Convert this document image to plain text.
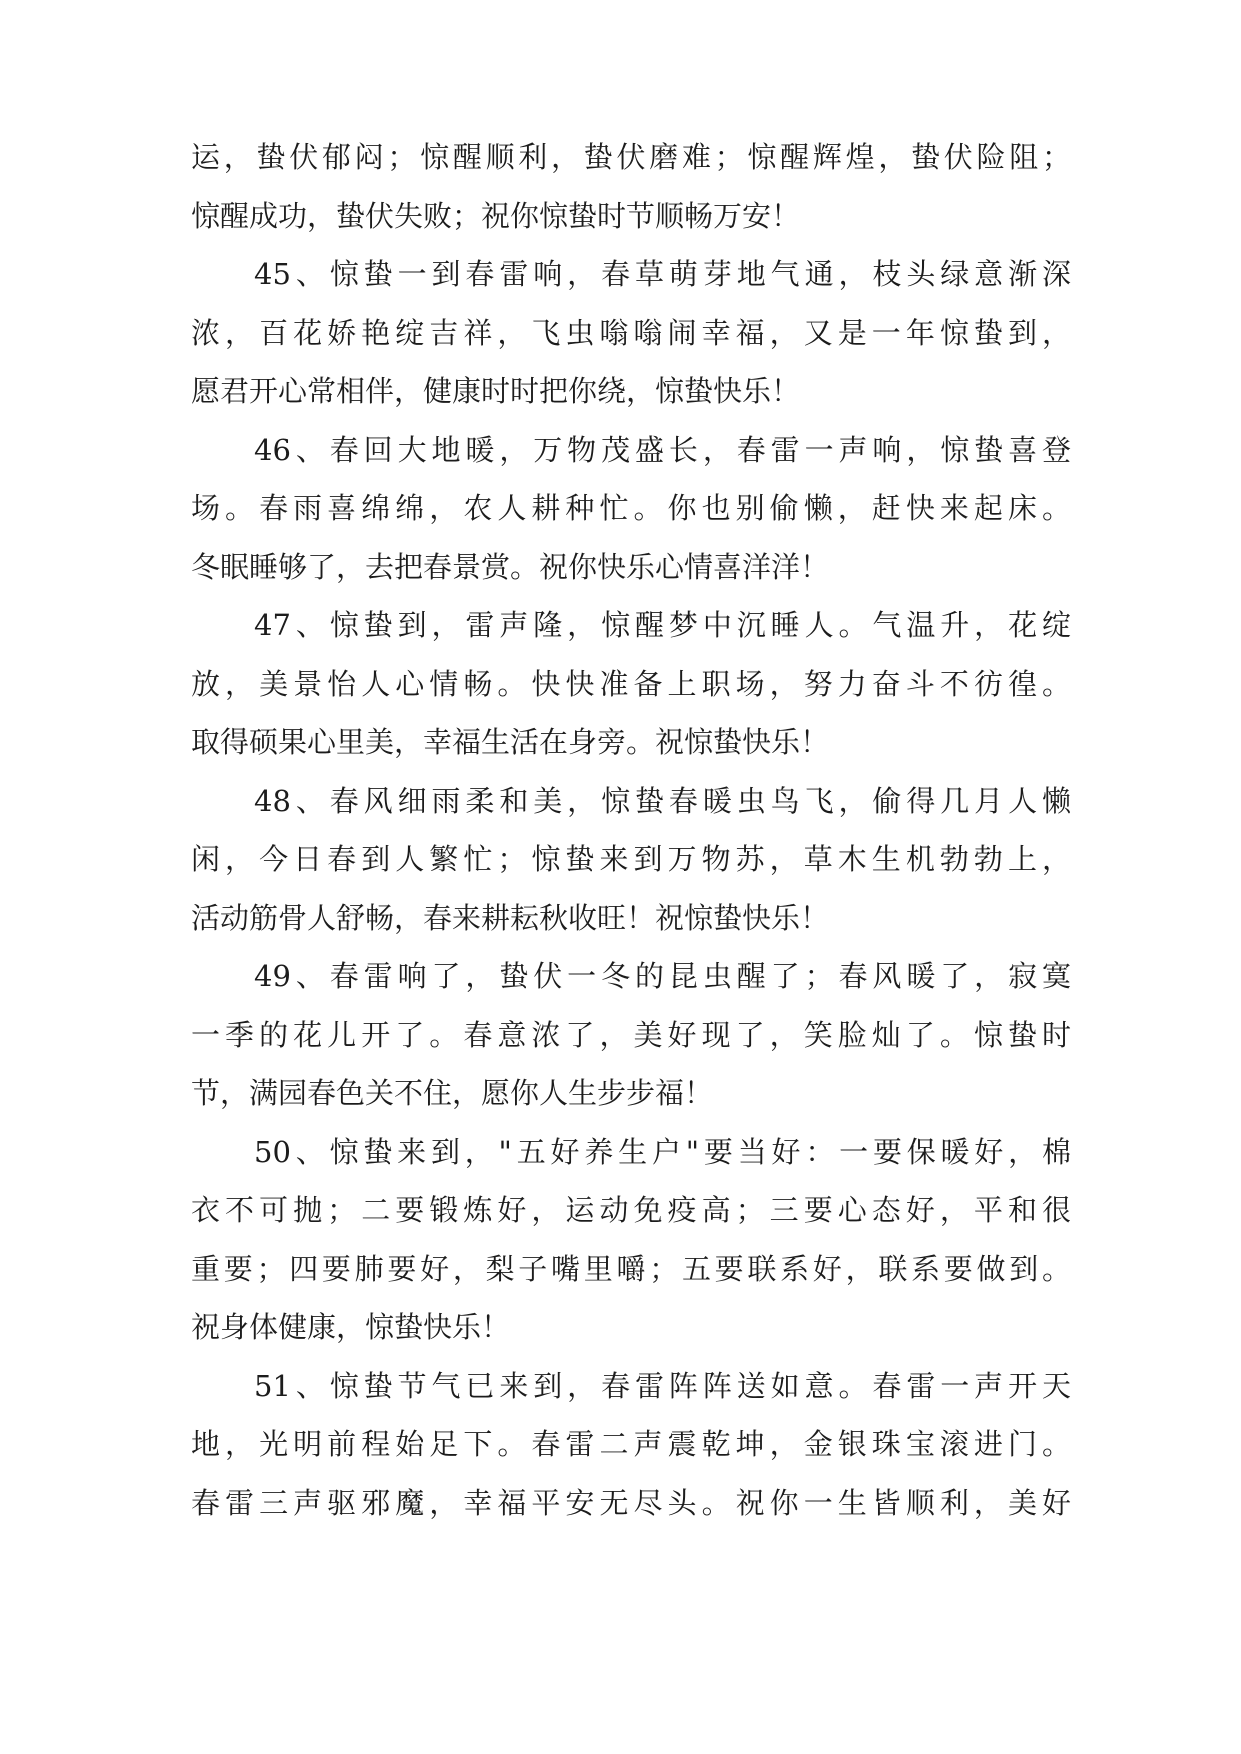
运，蛰伏郁闷；惊醒顺利，蛰伏磨难；惊醒辉煌，蛰伏险阻；
惊醒成功，蛰伏失败；祝你惊蛰时节顺畅万安！
45、惊蛰一到春雷响，春草萌芽地气通，枝头绿意渐深
浓，百花娇艳绽吉祥，飞虫嗡嗡闹幸福，又是一年惊蛰到，
愿君开心常相伴，健康时时把你绕，惊蛰快乐！
46、春回大地暖，万物茂盛长，春雷一声响，惊蛰喜登
场。春雨喜绵绵，农人耕种忙。你也别偷懒，赶快来起床。
冬眠睡够了，去把春景赏。祝你快乐心情喜洋洋！
47、惊蛰到，雷声隆，惊醒梦中沉睡人。气温升，花绽
放，美景怡人心情畅。快快准备上职场，努力奋斗不彷徨。
取得硕果心里美，幸福生活在身旁。祝惊蛰快乐！
48、春风细雨柔和美，惊蛰春暖虫鸟飞，偷得几月人懒
闲，今日春到人繁忙；惊蛰来到万物苏，草木生机勃勃上，
活动筋骨人舒畅，春来耕耘秋收旺！祝惊蛰快乐！
49、春雷响了，蛰伏一冬的昆虫醒了；春风暖了，寂寞
一季的花儿开了。春意浓了，美好现了，笑脸灿了。惊蛰时
节，满园春色关不住，愿你人生步步福！
50、惊蛰来到，"五好养生户"要当好：一要保暖好，棉
衣不可抛；二要锻炼好，运动免疫高；三要心态好，平和很
重要；四要肺要好，梨子嘴里嚼；五要联系好，联系要做到。
祝身体健康，惊蛰快乐！
51、惊蛰节气已来到，春雷阵阵送如意。春雷一声开天
地，光明前程始足下。春雷二声震乾坤，金银珠宝滚进门。
春雷三声驱邪魔，幸福平安无尽头。祝你一生皆顺利，美好
